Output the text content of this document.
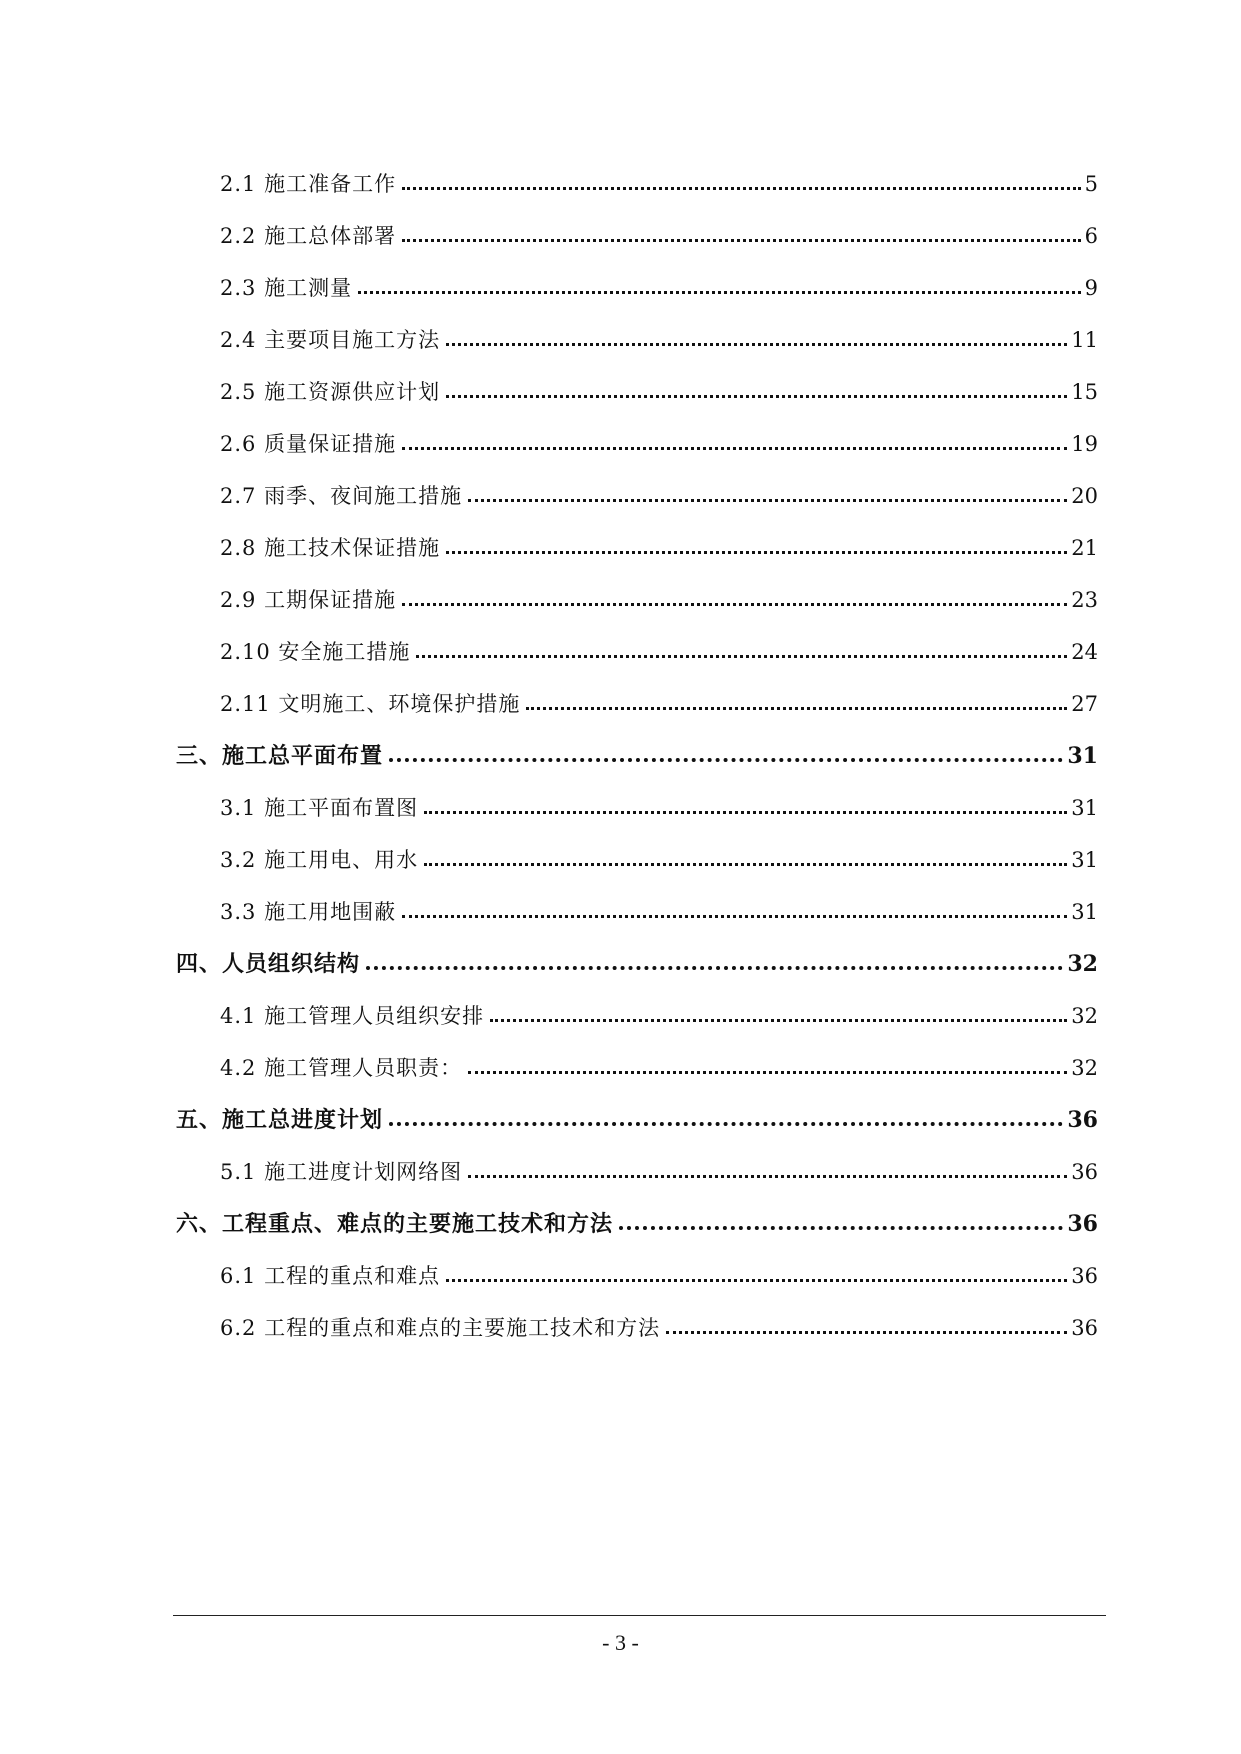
2.1 施工准备工作	5
2.2 施工总体部署	6
2.3 施工测量	9
2.4 主要项目施工方法	11
2.5 施工资源供应计划	15
2.6 质量保证措施	19
2.7 雨季、夜间施工措施	20
2.8 施工技术保证措施	21
2.9 工期保证措施	23
2.10 安全施工措施	24
2.11 文明施工、环境保护措施	27
三、施工总平面布置	31
3.1 施工平面布置图	31
3.2 施工用电、用水	31
3.3 施工用地围蔽	31
四、人员组织结构	32
4.1 施工管理人员组织安排	32
4.2 施工管理人员职责：	32
五、施工总进度计划	36
5.1 施工进度计划网络图	36
六、工程重点、难点的主要施工技术和方法	36
6.1 工程的重点和难点	36
6.2 工程的重点和难点的主要施工技术和方法	36
- 3 -
